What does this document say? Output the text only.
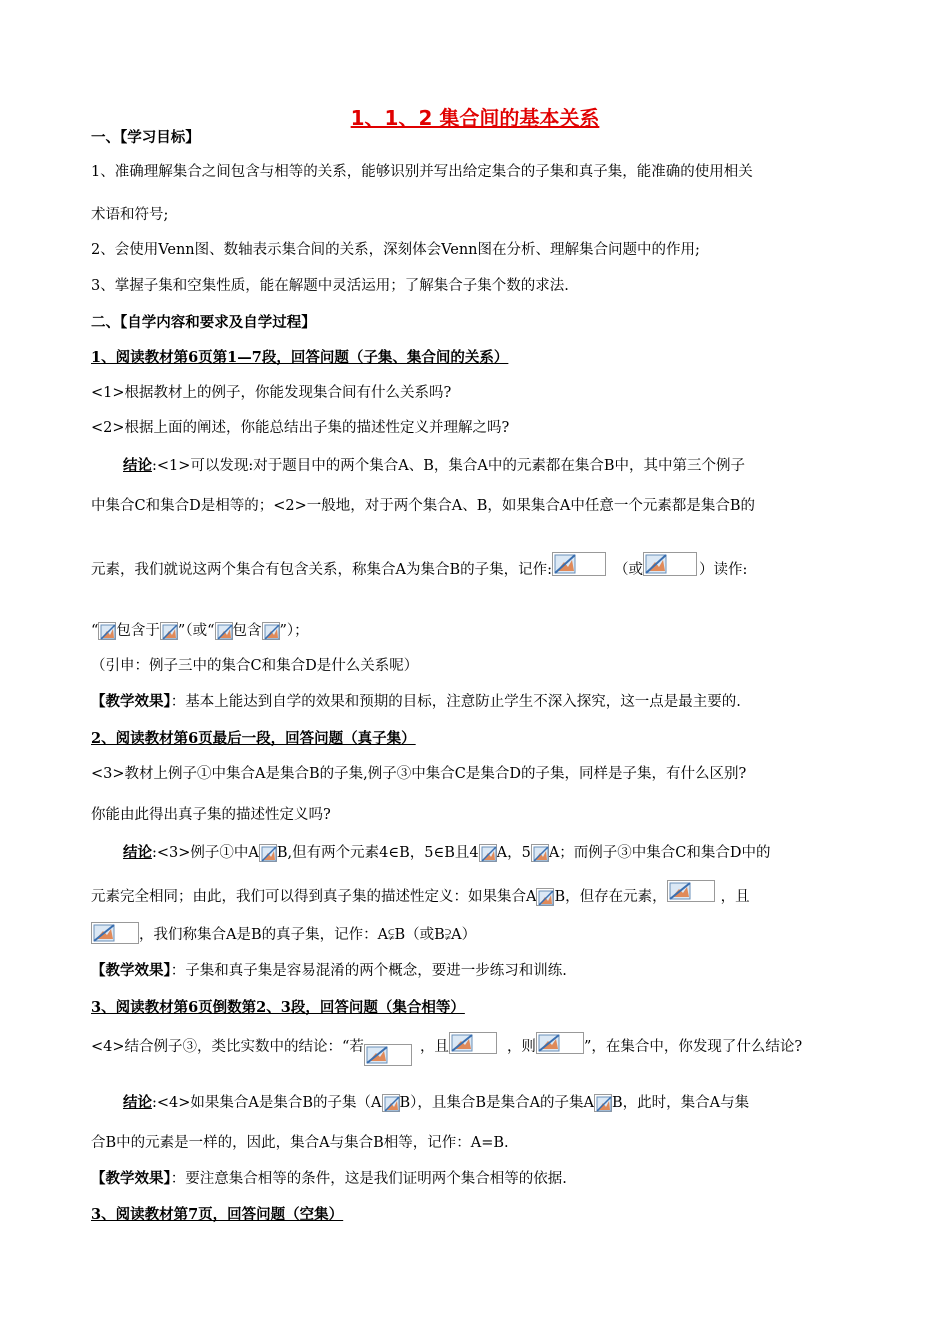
1、1、2 集合间的基本关系
一、【学习目标】
1、准确理解集合之间包含与相等的关系，能够识别并写出给定集合的子集和真子集，能准确的使用相关
术语和符号;
2、会使用Venn图、数轴表示集合间的关系，深刻体会Venn图在分析、理解集合问题中的作用;
3、掌握子集和空集性质，能在解题中灵活运用；了解集合子集个数的求法.
二、【自学内容和要求及自学过程】
1、阅读教材第6页第1—7段，回答问题（子集、集合间的关系）
<1>根据教材上的例子，你能发现集合间有什么关系吗?
<2>根据上面的阐述，你能总结出子集的描述性定义并理解之吗?
结论:<1>可以发现:对于题目中的两个集合A、B，集合A中的元素都在集合B中，其中第三个例子
中集合C和集合D是相等的；<2>一般地，对于两个集合A、B，如果集合A中任意一个元素都是集合B的
元素，我们就说这两个集合有包含关系，称集合A为集合B的子集，记作:	（或	）读作:
“ 包含于 ”（或“ 包含 ”）；
（引申：例子三中的集合C和集合D是什么关系呢）
【教学效果】：基本上能达到自学的效果和预期的目标，注意防止学生不深入探究，这一点是最主要的.
2、阅读教材第6页最后一段，回答问题（真子集）
<3>教材上例子①中集合A是集合B的子集,例子③中集合C是集合D的子集，同样是子集，有什么区别?
你能由此得出真子集的描述性定义吗?
结论:<3>例子①中A B,但有两个元素4∈B，5∈B且4 A，5 A；而例子③中集合C和集合D中的
元素完全相同；由此，我们可以得到真子集的描述性定义：如果集合A B，但存在元素，	，且
，我们称集合A是B的真子集，记作：A⫋B（或B⫌A）
【教学效果】：子集和真子集是容易混淆的两个概念，要进一步练习和训练.
3、阅读教材第6页倒数第2、3段，回答问题（集合相等）
<4>结合例子③，类比实数中的结论：“若	，且	，则	”，在集合中，你发现了什么结论?
结论:<4>如果集合A是集合B的子集（A B），且集合B是集合A的子集A B，此时，集合A与集
合B中的元素是一样的，因此，集合A与集合B相等，记作：A=B.
【教学效果】：要注意集合相等的条件，这是我们证明两个集合相等的依据.
3、阅读教材第7页，回答问题（空集）
